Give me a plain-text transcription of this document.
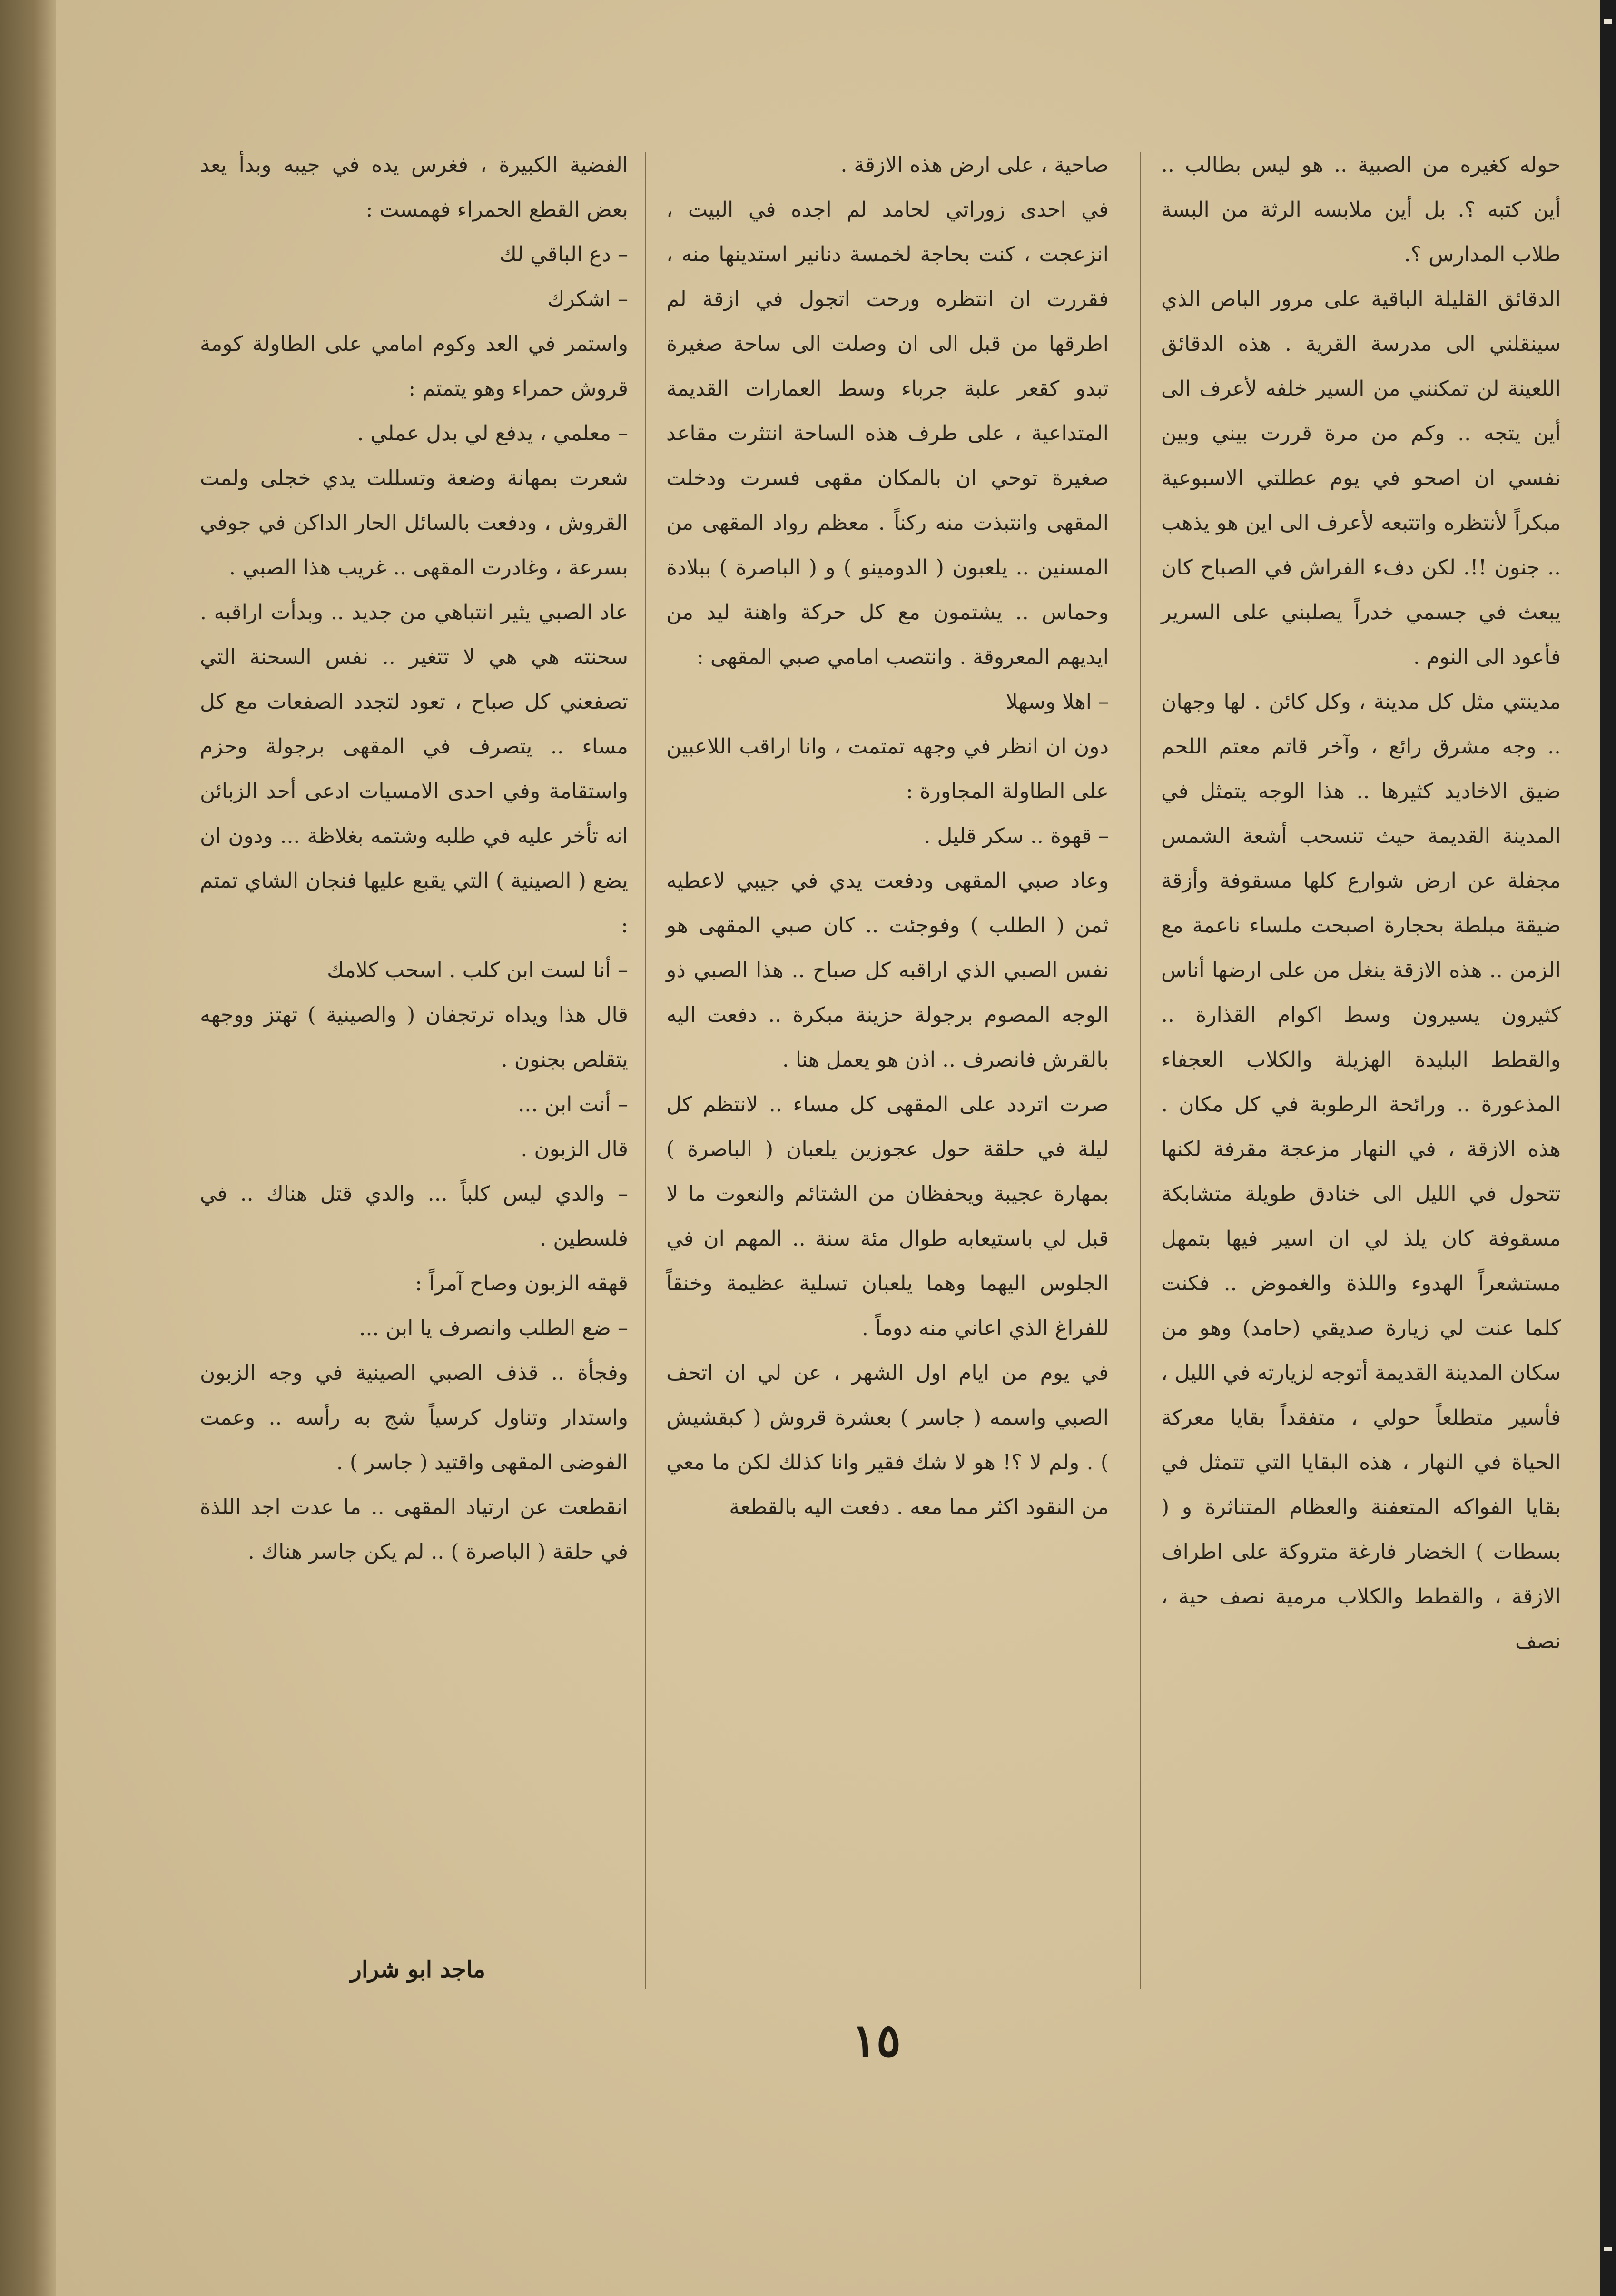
حوله كغيره من الصبية .. هو ليس بطالب .. أين كتبه ؟. بل أين ملابسه الرثة من البسة طلاب المدارس ؟.

الدقائق القليلة الباقية على مرور الباص الذي سينقلني الى مدرسة القرية . هذه الدقائق اللعينة لن تمكنني من السير خلفه لأعرف الى أين يتجه .. وكم من مرة قررت بيني وبين نفسي ان اصحو في يوم عطلتي الاسبوعية مبكراً لأنتظره واتتبعه لأعرف الى اين هو يذهب .. جنون !!. لكن دفء الفراش في الصباح كان يبعث في جسمي خدراً يصلبني على السرير فأعود الى النوم .

مدينتي مثل كل مدينة ، وكل كائن . لها وجهان .. وجه مشرق رائع ، وآخر قاتم معتم اللحم ضيق الاخاديد كثيرها .. هذا الوجه يتمثل في المدينة القديمة حيث تنسحب أشعة الشمس مجفلة عن ارض شوارع كلها مسقوفة وأزقة ضيقة مبلطة بحجارة اصبحت ملساء ناعمة مع الزمن .. هذه الازقة ينغل من على ارضها أناس كثيرون يسيرون وسط اكوام القذارة .. والقطط البليدة الهزيلة والكلاب العجفاء المذعورة .. ورائحة الرطوبة في كل مكان . هذه الازقة ، في النهار مزعجة مقرفة لكنها تتحول في الليل الى خنادق طويلة متشابكة مسقوفة كان يلذ لي ان اسير فيها بتمهل مستشعراً الهدوء واللذة والغموض .. فكنت كلما عنت لي زيارة صديقي (حامد) وهو من سكان المدينة القديمة أتوجه لزيارته في الليل ، فأسير متطلعاً حولي ، متفقداً بقايا معركة الحياة في النهار ، هذه البقايا التي تتمثل في بقايا الفواكه المتعفنة والعظام المتناثرة و ( بسطات ) الخضار فارغة متروكة على اطراف الازقة ، والقطط والكلاب مرمية نصف حية ، نصف

صاحية ، على ارض هذه الازقة .

في احدى زوراتي لحامد لم اجده في البيت ، انزعجت ، كنت بحاجة لخمسة دنانير استدينها منه ، فقررت ان انتظره ورحت اتجول في ازقة لم اطرقها من قبل الى ان وصلت الى ساحة صغيرة تبدو كقعر علبة جرباء وسط العمارات القديمة المتداعية ، على طرف هذه الساحة انتثرت مقاعد صغيرة توحي ان بالمكان مقهى فسرت ودخلت المقهى وانتبذت منه ركناً . معظم رواد المقهى من المسنين .. يلعبون ( الدومينو ) و ( الباصرة ) ببلادة وحماس .. يشتمون مع كل حركة واهنة ليد من ايديهم المعروقة . وانتصب امامي صبي المقهى :

– اهلا وسهلا

دون ان انظر في وجهه تمتمت ، وانا اراقب اللاعبين على الطاولة المجاورة :

– قهوة .. سكر قليل .

وعاد صبي المقهى ودفعت يدي في جيبي لاعطيه ثمن ( الطلب ) وفوجئت .. كان صبي المقهى هو نفس الصبي الذي اراقبه كل صباح .. هذا الصبي ذو الوجه المصوم برجولة حزينة مبكرة .. دفعت اليه بالقرش فانصرف .. اذن هو يعمل هنا .

صرت اتردد على المقهى كل مساء .. لانتظم كل ليلة في حلقة حول عجوزين يلعبان ( الباصرة ) بمهارة عجيبة ويحفظان من الشتائم والنعوت ما لا قبل لي باستيعابه طوال مئة سنة .. المهم ان في الجلوس اليهما وهما يلعبان تسلية عظيمة وخنقاً للفراغ الذي اعاني منه دوماً .

في يوم من ايام اول الشهر ، عن لي ان اتحف الصبي واسمه ( جاسر ) بعشرة قروش ( كبقشيش ) . ولم لا ؟! هو لا شك فقير وانا كذلك لكن ما معي من النقود اكثر مما معه . دفعت اليه بالقطعة

الفضية الكبيرة ، فغرس يده في جيبه وبدأ يعد بعض القطع الحمراء فهمست :

– دع الباقي لك

– اشكرك

واستمر في العد وكوم امامي على الطاولة كومة قروش حمراء وهو يتمتم :

– معلمي ، يدفع لي بدل عملي .

شعرت بمهانة وضعة وتسللت يدي خجلى ولمت القروش ، ودفعت بالسائل الحار الداكن في جوفي بسرعة ، وغادرت المقهى .. غريب هذا الصبي .

عاد الصبي يثير انتباهي من جديد .. وبدأت اراقبه . سحنته هي هي لا تتغير .. نفس السحنة التي تصفعني كل صباح ، تعود لتجدد الصفعات مع كل مساء .. يتصرف في المقهى برجولة وحزم واستقامة وفي احدى الامسيات ادعى أحد الزبائن انه تأخر عليه في طلبه وشتمه بغلاظة ... ودون ان يضع ( الصينية ) التي يقبع عليها فنجان الشاي تمتم :

– أنا لست ابن كلب . اسحب كلامك

قال هذا ويداه ترتجفان ( والصينية ) تهتز ووجهه يتقلص بجنون .

– أنت ابن ...

قال الزبون .

– والدي ليس كلباً ... والدي قتل هناك .. في فلسطين .

قهقه الزبون وصاح آمراً :

– ضع الطلب وانصرف يا ابن ...

وفجأة .. قذف الصبي الصينية في وجه الزبون واستدار وتناول كرسياً شج به رأسه .. وعمت الفوضى المقهى واقتيد ( جاسر ) .

انقطعت عن ارتياد المقهى .. ما عدت اجد اللذة في حلقة ( الباصرة ) .. لم يكن جاسر هناك .

ماجد ابو شرار
١٥
